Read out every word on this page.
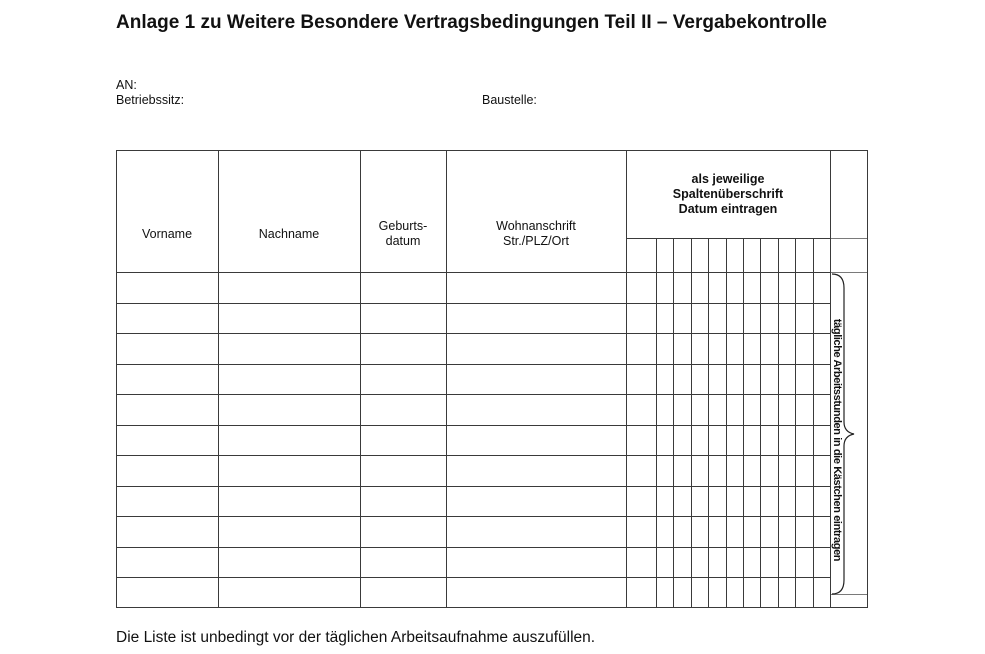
Anlage 1 zu Weitere Besondere Vertragsbedingungen Teil II – Vergabekontrolle
AN:
Betriebssitz:	Baustelle:
Vorname	Nachname
Geburts-
datum
Wohnanschrift
Str./PLZ/Ort
als jeweilige
Spaltenüberschrift
Datum eintragen
tägliche Arbeitsstunden in die Kästchen eintragen
Die Liste ist unbedingt vor der täglichen Arbeitsaufnahme auszufüllen.
